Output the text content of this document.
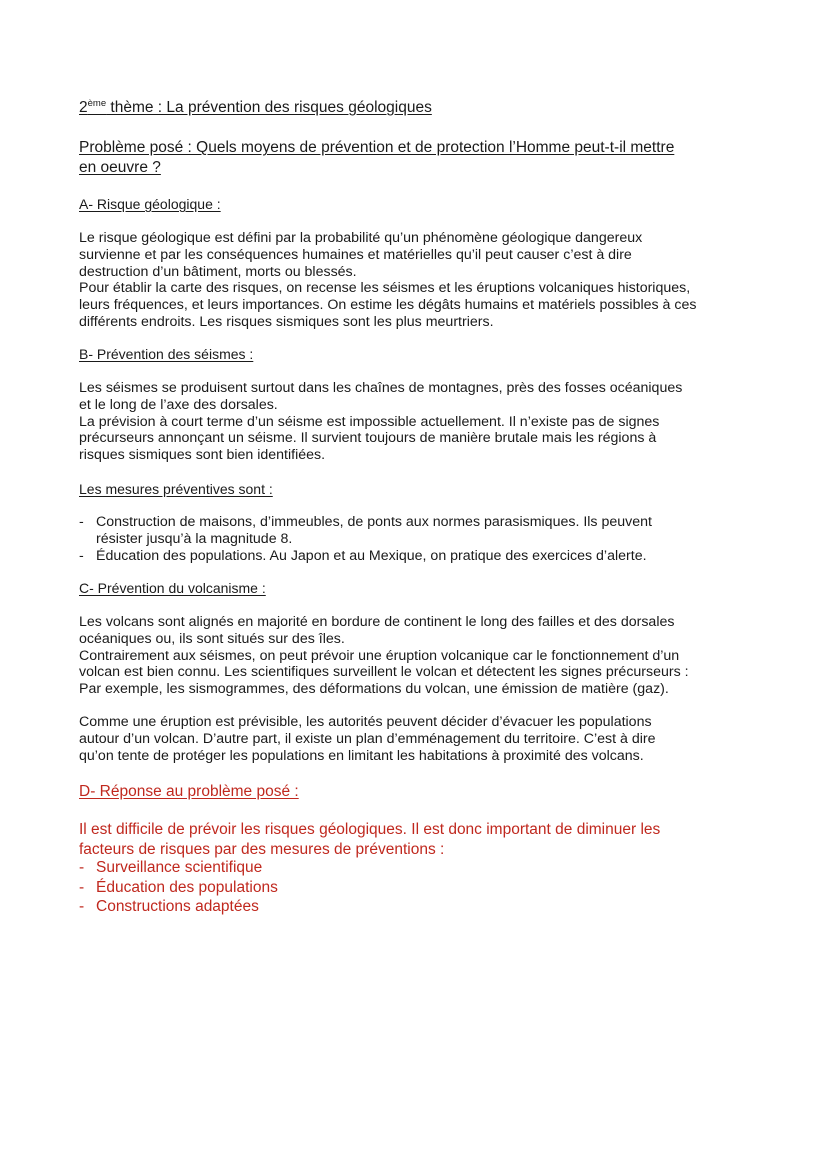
2ème thème : La prévention des risques géologiques
Problème posé : Quels moyens de prévention et de protection l’Homme peut-t-il mettre
en oeuvre ?
A- Risque géologique :

Le risque géologique est défini par la probabilité qu’un phénomène géologique dangereux
survienne et par les conséquences humaines et matérielles qu’il peut causer c’est à dire
destruction d’un bâtiment, morts ou blessés.
Pour établir la carte des risques, on recense les séismes et les éruptions volcaniques historiques,
leurs fréquences, et leurs importances. On estime les dégâts humains et matériels possibles à ces
différents endroits. Les risques sismiques sont les plus meurtriers.

B- Prévention des séismes :

Les séismes se produisent surtout dans les chaînes de montagnes, près des fosses océaniques
et le long de l’axe des dorsales.
La prévision à court terme d’un séisme est impossible actuellement. Il n’existe pas de signes
précurseurs annonçant un séisme. Il survient toujours de manière brutale mais les régions à
risques sismiques sont bien identifiées.

Les mesures préventives sont :
- Construction de maisons, d’immeubles, de ponts aux normes parasismiques. Ils peuvent
résister jusqu’à la magnitude 8.
- Éducation des populations. Au Japon et au Mexique, on pratique des exercices d’alerte.
C- Prévention du volcanisme :

Les volcans sont alignés en majorité en bordure de continent le long des failles et des dorsales
océaniques ou, ils sont situés sur des îles.
Contrairement aux séismes, on peut prévoir une éruption volcanique car le fonctionnement d’un
volcan est bien connu. Les scientifiques surveillent le volcan et détectent les signes précurseurs :
Par exemple, les sismogrammes, des déformations du volcan, une émission de matière (gaz).

Comme une éruption est prévisible, les autorités peuvent décider d’évacuer les populations
autour d’un volcan. D’autre part, il existe un plan d’emménagement du territoire. C’est à dire
qu’on tente de protéger les populations en limitant les habitations à proximité des volcans.

D- Réponse au problème posé :

Il est difficile de prévoir les risques géologiques. Il est donc important de diminuer les
facteurs de risques par des mesures de préventions :

- Surveillance scientifique
- Éducation des populations
- Constructions adaptées
